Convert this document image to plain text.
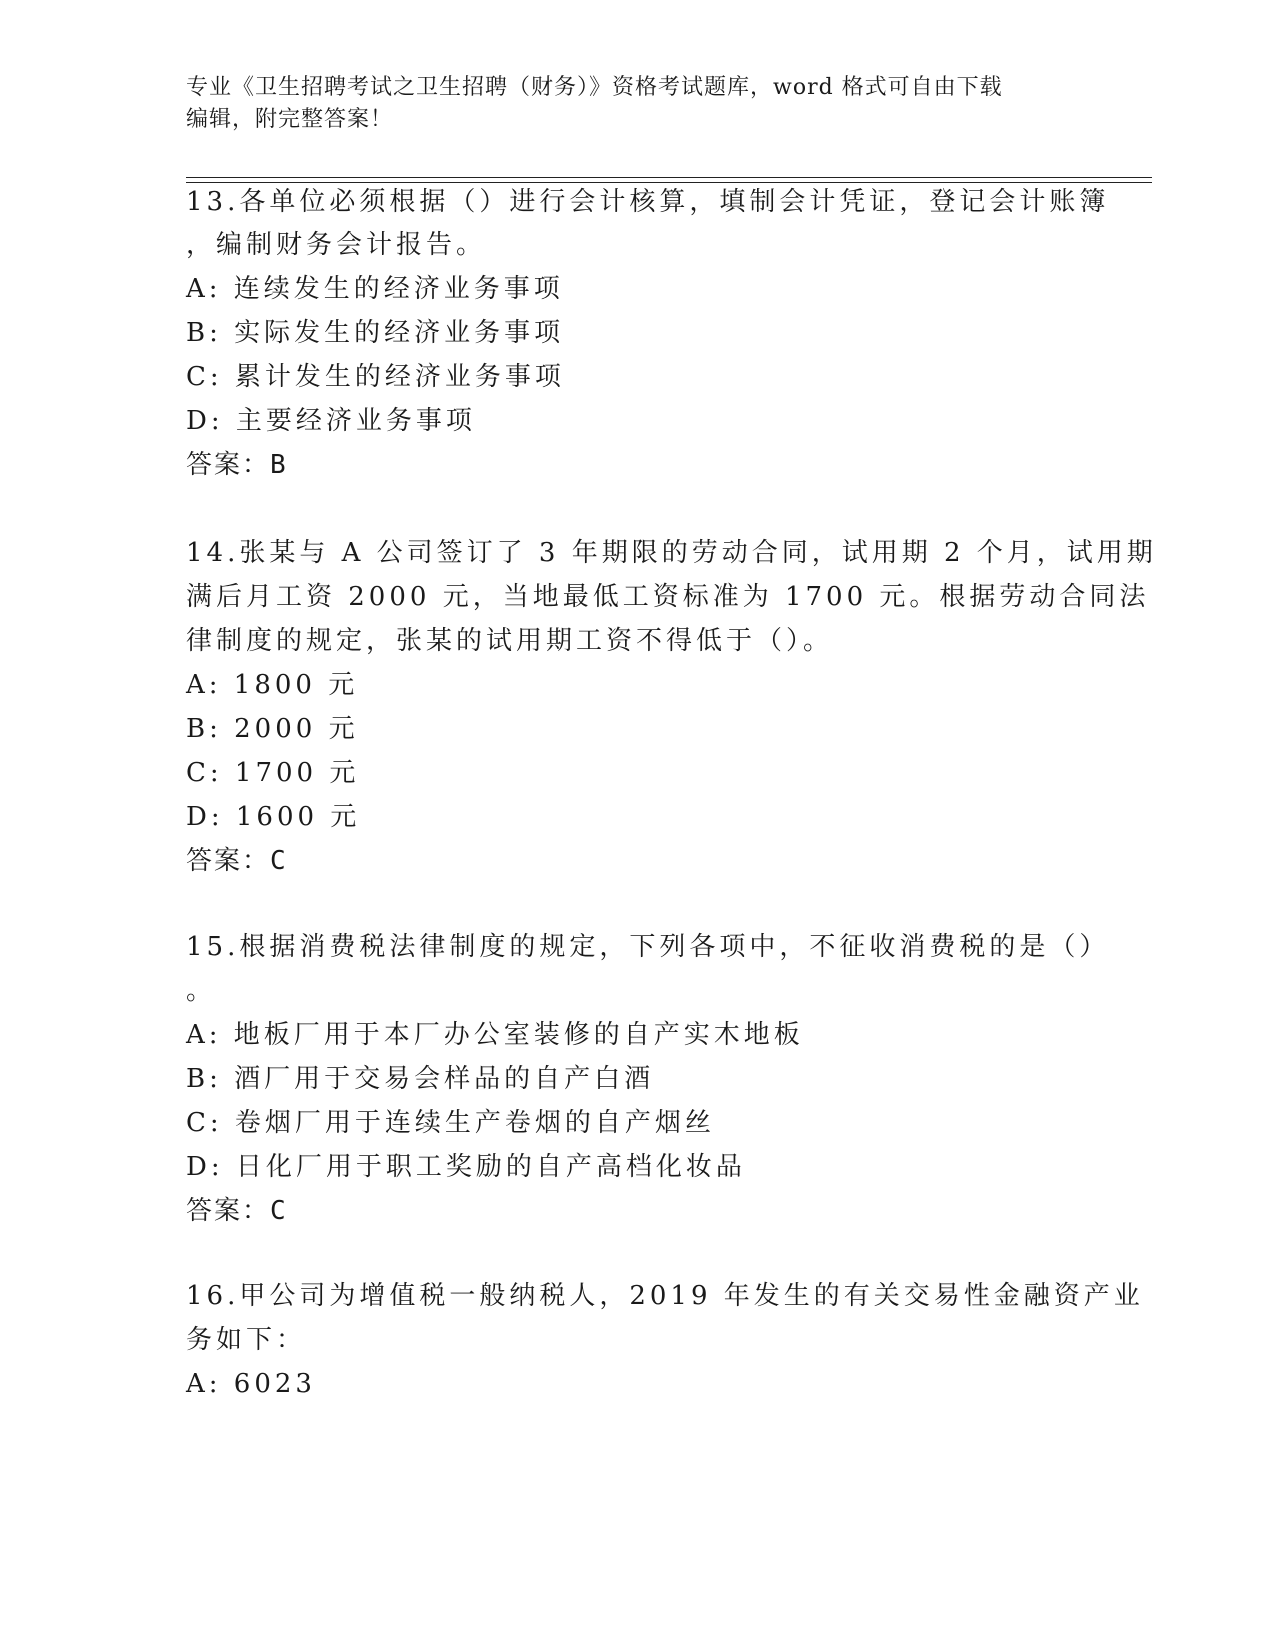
专业《卫生招聘考试之卫生招聘（财务）》资格考试题库，word 格式可自由下载
编辑，附完整答案！
13.各单位必须根据（）进行会计核算，填制会计凭证，登记会计账簿
，编制财务会计报告。
A: 连续发生的经济业务事项
B: 实际发生的经济业务事项
C: 累计发生的经济业务事项
D: 主要经济业务事项
答案：B
14.张某与 A 公司签订了 3 年期限的劳动合同，试用期 2 个月，试用期
满后月工资 2000 元，当地最低工资标准为 1700 元。根据劳动合同法
律制度的规定，张某的试用期工资不得低于（）。
A: 1800 元
B: 2000 元
C: 1700 元
D: 1600 元
答案：C
15.根据消费税法律制度的规定，下列各项中，不征收消费税的是（）
。
A: 地板厂用于本厂办公室装修的自产实木地板
B: 酒厂用于交易会样品的自产白酒
C: 卷烟厂用于连续生产卷烟的自产烟丝
D: 日化厂用于职工奖励的自产高档化妆品
答案：C
16.甲公司为增值税一般纳税人，2019 年发生的有关交易性金融资产业
务如下：
A: 6023
